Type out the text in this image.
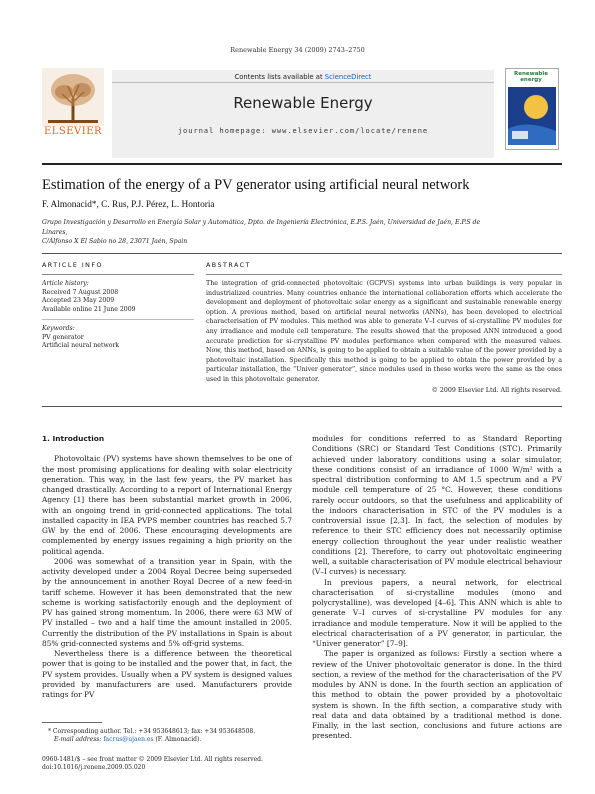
Renewable Energy 34 (2009) 2743–2750
ELSEVIER
Contents lists available at ScienceDirect
Renewable Energy
journal homepage: www.elsevier.com/locate/renene
Renewable energy
Estimation of the energy of a PV generator using artificial neural network
F. Almonacid*, C. Rus, P.J. Pérez, L. Hontoria
Grupo Investigación y Desarrollo en Energía Solar y Automática, Dpto. de Ingeniería Electrónica, E.P.S. Jaén, Universidad de Jaén, E.P.S de Linares,
C/Alfonso X El Sabio no 28, 23071 Jaén, Spain
ARTICLE INFO
Article history:
Received 7 August 2008
Accepted 23 May 2009
Available online 21 June 2009
Keywords:
PV generator
Artificial neural network
ABSTRACT
The integration of grid-connected photovoltaic (GCPVS) systems into urban buildings is very popular in industrialized countries. Many countries enhance the international collaboration efforts which accelerate the development and deployment of photovoltaic solar energy as a significant and sustainable renewable energy option. A previous method, based on artificial neural networks (ANNs), has been developed to electrical characterisation of PV modules. This method was able to generate V–I curves of si-crystalline PV modules for any irradiance and module cell temperature. The results showed that the proposed ANN introduced a good accurate prediction for si-crystalline PV modules performance when compared with the measured values. Now, this method, based on ANNs, is going to be applied to obtain a suitable value of the power provided by a photovoltaic installation. Specifically this method is going to be applied to obtain the power provided by a particular installation, the “Univer generator”, since modules used in these works were the same as the ones used in this photovoltaic generator.
© 2009 Elsevier Ltd. All rights reserved.

1. Introduction

Photovoltaic (PV) systems have shown themselves to be one of the most promising applications for dealing with solar electricity generation. This way, in the last few years, the PV market has changed drastically. According to a report of International Energy Agency [1] there has been substantial market growth in 2006, with an ongoing trend in grid-connected applications. The total installed capacity in IEA PVPS member countries has reached 5.7 GW by the end of 2006. These encouraging developments are complemented by energy issues regaining a high priority on the political agenda.

2006 was somewhat of a transition year in Spain, with the activity developed under a 2004 Royal Decree being superseded by the announcement in another Royal Decree of a new feed-in tariff scheme. However it has been demonstrated that the new scheme is working satisfactorily enough and the deployment of PV has gained strong momentum. In 2006, there were 63 MW of PV installed – two and a half time the amount installed in 2005. Currently the distribution of the PV installations in Spain is about 85% grid-connected systems and 5% off-grid systems.

Nevertheless there is a difference between the theoretical power that is going to be installed and the power that, in fact, the PV system provides. Usually when a PV system is designed values provided by manufacturers are used. Manufacturers provide ratings for PV

modules for conditions referred to as Standard Reporting Conditions (SRC) or Standard Test Conditions (STC). Primarily achieved under laboratory conditions using a solar simulator, these conditions consist of an irradiance of 1000 W/m² with a spectral distribution conforming to AM 1.5 spectrum and a PV module cell temperature of 25 °C. However, these conditions rarely occur outdoors, so that the usefulness and applicability of the indoors characterisation in STC of the PV modules is a controversial issue [2,3]. In fact, the selection of modules by reference to their STC efficiency does not necessarily optimise energy collection throughout the year under realistic weather conditions [2]. Therefore, to carry out photovoltaic engineering well, a suitable characterisation of PV module electrical behaviour (V–I curves) is necessary.

In previous papers, a neural network, for electrical characterisation of si-crystalline modules (mono and polycrystalline), was developed [4–6]. This ANN which is able to generate V–I curves of si-crystalline PV modules for any irradiance and module temperature. Now it will be applied to the electrical characterisation of a PV generator, in particular, the “Univer generator” [7–9].

The paper is organized as follows: Firstly a section where a review of the Univer photovoltaic generator is done. In the third section, a review of the method for the characterisation of the PV modules by ANN is done. In the fourth section an application of this method to obtain the power provided by a photovoltaic system is shown. In the fifth section, a comparative study with real data and data obtained by a traditional method is done. Finally, in the last section, conclusions and future actions are presented.

* Corresponding author. Tel.: +34 953648613; fax: +34 953648508.
E-mail address: facrus@ujaen.es (F. Almonacid).
0960-1481/$ – see front matter © 2009 Elsevier Ltd. All rights reserved.
doi:10.1016/j.renene.2009.05.020
